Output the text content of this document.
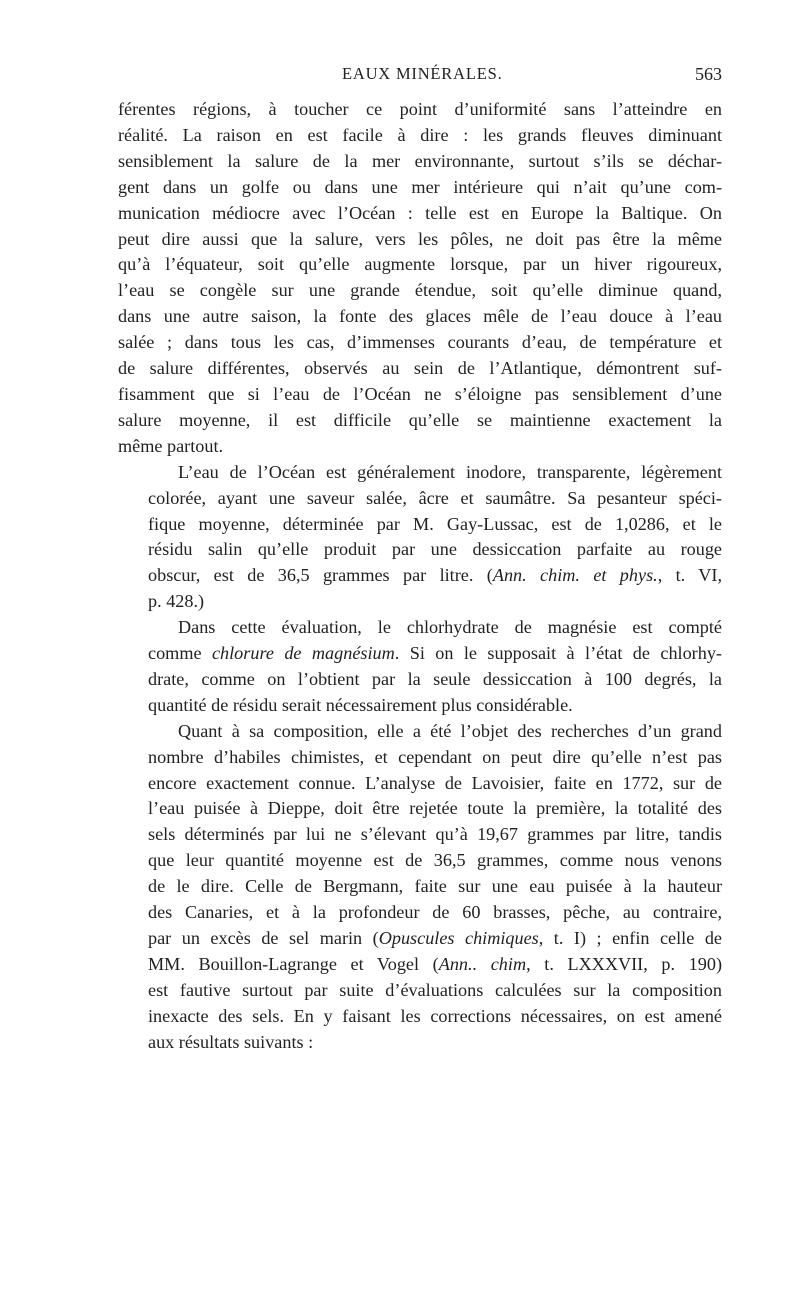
EAUX MINÉRALES.	563

férentes régions, à toucher ce point d’uniformité sans l’atteindre en
réalité. La raison en est facile à dire : les grands fleuves diminuant
sensiblement la salure de la mer environnante, surtout s’ils se déchar-
gent dans un golfe ou dans une mer intérieure qui n’ait qu’une com-
munication médiocre avec l’Océan : telle est en Europe la Baltique. On
peut dire aussi que la salure, vers les pôles, ne doit pas être la même
qu’à l’équateur, soit qu’elle augmente lorsque, par un hiver rigoureux,
l’eau se congèle sur une grande étendue, soit qu’elle diminue quand,
dans une autre saison, la fonte des glaces mêle de l’eau douce à l’eau
salée ; dans tous les cas, d’immenses courants d’eau, de température et
de salure différentes, observés au sein de l’Atlantique, démontrent suf-
fisamment que si l’eau de l’Océan ne s’éloigne pas sensiblement d’une
salure moyenne, il est difficile qu’elle se maintienne exactement la
même partout.

L’eau de l’Océan est généralement inodore, transparente, légèrement
colorée, ayant une saveur salée, âcre et saumâtre. Sa pesanteur spéci-
fique moyenne, déterminée par M. Gay-Lussac, est de 1,0286, et le
résidu salin qu’elle produit par une dessiccation parfaite au rouge
obscur, est de 36,5 grammes par litre. (Ann. chim. et phys., t. VI,
p. 428.)

Dans cette évaluation, le chlorhydrate de magnésie est compté
comme chlorure de magnésium. Si on le supposait à l’état de chlorhy-
drate, comme on l’obtient par la seule dessiccation à 100 degrés, la
quantité de résidu serait nécessairement plus considérable.

Quant à sa composition, elle a été l’objet des recherches d’un grand
nombre d’habiles chimistes, et cependant on peut dire qu’elle n’est pas
encore exactement connue. L’analyse de Lavoisier, faite en 1772, sur de
l’eau puisée à Dieppe, doit être rejetée toute la première, la totalité des
sels déterminés par lui ne s’élevant qu’à 19,67 grammes par litre, tandis
que leur quantité moyenne est de 36,5 grammes, comme nous venons
de le dire. Celle de Bergmann, faite sur une eau puisée à la hauteur
des Canaries, et à la profondeur de 60 brasses, pêche, au contraire,
par un excès de sel marin (Opuscules chimiques, t. I) ; enfin celle de
MM. Bouillon-Lagrange et Vogel (Ann.. chim, t. LXXXVII, p. 190)
est fautive surtout par suite d’évaluations calculées sur la composition
inexacte des sels. En y faisant les corrections nécessaires, on est amené
aux résultats suivants :
